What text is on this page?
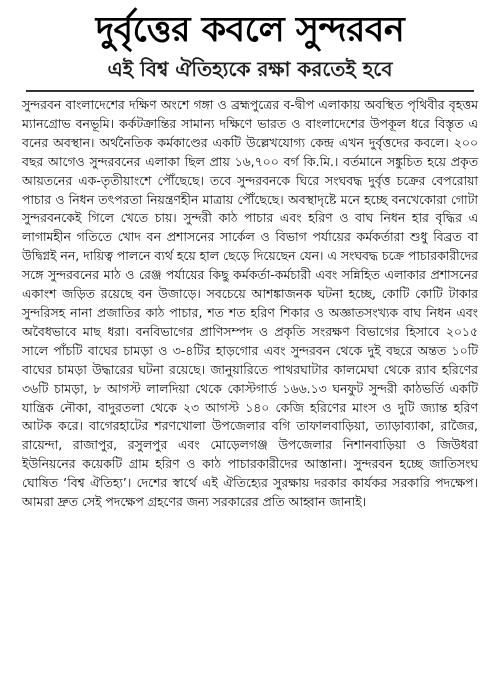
দুর্বৃত্তের কবলে সুন্দরবন
এই বিশ্ব ঐতিহ্যকে রক্ষা করতেই হবে

সুন্দরবন বাংলাদেশের দক্ষিণ অংশে গঙ্গা ও ব্রহ্মপুত্রের ব-দ্বীপ এলাকায় অবস্থিত পৃথিবীর বৃহত্তম ম্যানগ্রোভ বনভূমি। কর্কটক্রান্তির সামান্য দক্ষিণে ভারত ও বাংলাদেশের উপকূল ধরে বিস্তৃত এ বনের অবস্থান। অর্থনৈতিক কর্মকাণ্ডের একটি উল্লেখযোগ্য কেন্দ্র এখন দুর্বৃত্তদের কবলে। ২০০ বছর আগেও সুন্দরবনের এলাকা ছিল প্রায় ১৬,৭০০ বর্গ কি.মি.। বর্তমানে সঙ্কুচিত হয়ে প্রকৃত আয়তনের এক-তৃতীয়াংশে পৌঁছেছে। তবে সুন্দরবনকে ঘিরে সংঘবদ্ধ দুর্বৃত্ত চক্রের বেপরোয়া পাচার ও নিধন তৎপরতা নিয়ন্ত্রণহীন মাত্রায় পৌঁছেছে। অবস্থাদৃষ্টে মনে হচ্ছে বনখেকোরা গোটা সুন্দরবনকেই গিলে খেতে চায়। সুন্দরী কাঠ পাচার এবং হরিণ ও বাঘ নিধন হার বৃদ্ধির এ লাগামহীন গতিতে খোদ বন প্রশাসনের সার্কেল ও বিভাগ পর্যায়ের কর্মকর্তারা শুধু বিব্রত বা উদ্বিগ্নই নন, দায়িত্ব পালনে ব্যর্থ হয়ে হাল ছেড়ে দিয়েছেন যেন। এ সংঘবদ্ধ চক্রে পাচারকারীদের সঙ্গে সুন্দরবনের মাঠ ও রেঞ্জ পর্যায়ের কিছু কর্মকর্তা-কর্মচারী এবং সন্নিহিত এলাকার প্রশাসনের একাংশ জড়িত রয়েছে বন উজাড়ে। সবচেয়ে আশঙ্কাজনক ঘটনা হচ্ছে, কোটি কোটি টাকার সুন্দরিসহ নানা প্রজাতির কাঠ পাচার, শত শত হরিণ শিকার ও অজ্ঞাতসংখ্যক বাঘ নিধন এবং অবৈধভাবে মাছ ধরা। বনবিভাগের প্রাণিসম্পদ ও প্রকৃতি সংরক্ষণ বিভাগের হিসাবে ২০১৫ সালে পাঁচটি বাঘের চামড়া ও ৩-৪টির হাড়গোর এবং সুন্দরবন থেকে দুই বছরে অন্তত ১০টি বাঘের চামড়া উদ্ধারের ঘটনা রয়েছে। জানুয়ারিতে পাথরঘাটার কালমেঘা থেকে র‌্যাব হরিণের ৩৬টি চামড়া, ৮ আগস্ট লালদিয়া থেকে কোস্টগার্ড ১৬৬.১৩ ঘনফুট সুন্দরী কাঠভর্তি একটি যান্ত্রিক নৌকা, বাদুরতলা থেকে ২৩ আগস্ট ১৪০ কেজি হরিণের মাংস ও দুটি জ্যান্ত হরিণ আটক করে। বাগেরহাটের শরণখোলা উপজেলার বগি তাফালবাড়িয়া, ত্যাড়াব্যাকা, রাজৈর, রায়েন্দা, রাজাপুর, রসুলপুর এবং মোড়েলগঞ্জ উপজেলার নিশানবাড়িয়া ও জিউধরা ইউনিয়নের কয়েকটি গ্রাম হরিণ ও কাঠ পাচারকারীদের আস্তানা। সুন্দরবন হচ্ছে জাতিসংঘ ঘোষিত ‘বিশ্ব ঐতিহ্য’। দেশের স্বার্থে এই ঐতিহ্যের সুরক্ষায় দরকার কার্যকর সরকারি পদক্ষেপ। আমরা দ্রুত সেই পদক্ষেপ গ্রহণের জন্য সরকারের প্রতি আহ্বান জানাই।
